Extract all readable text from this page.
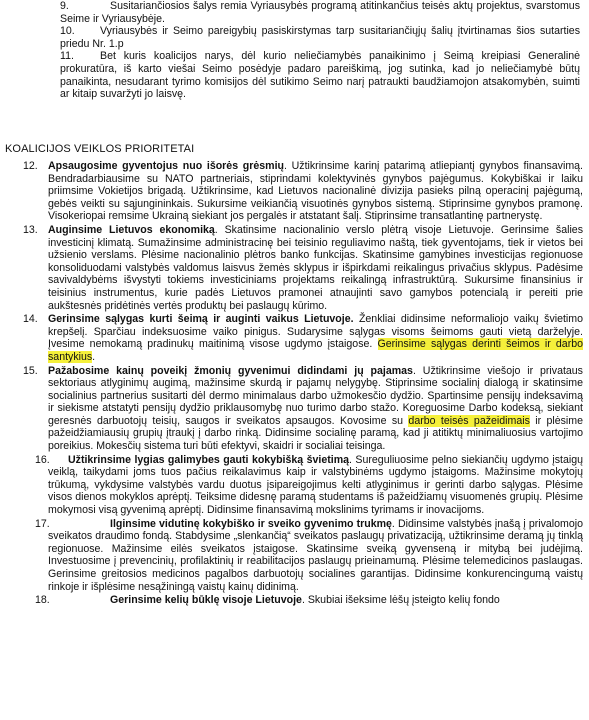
9.	Susitariančiosios šalys remia Vyriausybės programą atitinkančius teisės aktų projektus, svarstomus Seime ir Vyriausybėje.

10. Vyriausybės ir Seimo pareigybių pasiskirstymas tarp susitariančiųjų šalių įtvirtinamas šios sutarties priedu Nr. 1.p

11. Bet kuris koalicijos narys, dėl kurio neliečiamybės panaikinimo į Seimą kreipiasi Generalinė prokuratūra, iš karto viešai Seimo posėdyje padaro pareiškimą, jog sutinka, kad jo neliečiamybė būtų panaikinta, nesudarant tyrimo komisijos dėl sutikimo Seimo narį patraukti baudžiamojon atsakomybėn, suimti ar kitaip suvaržyti jo laisvę.

KOALICIJOS VEIKLOS PRIORITETAI
12. Apsaugosime gyventojus nuo išorės grėsmių. Užtikrinsime karinį patarimą atliepiantį gynybos finansavimą. Bendradarbiausime su NATO partneriais, stiprindami kolektyvinės gynybos pajėgumus. Kokybiškai ir laiku priimsime Vokietijos brigadą. Užtikrinsime, kad Lietuvos nacionalinė divizija pasieks pilną operacinį pajėgumą, gebės veikti su sąjungininkais. Sukursime veikiančią visuotinės gynybos sistemą. Stiprinsime gynybos pramonę. Visokeriopai remsime Ukrainą siekiant jos pergalės ir atstatant šalį. Stiprinsime transatlantinę partnerystę.
13. Auginsime Lietuvos ekonomiką. Skatinsime nacionalinio verslo plėtrą visoje Lietuvoje. Gerinsime šalies investicinį klimatą. Sumažinsime administracinę bei teisinio reguliavimo naštą, tiek gyventojams, tiek ir vietos bei užsienio verslams. Plėsime nacionalinio plėtros banko funkcijas. Skatinsime gamybines investicijas regionuose konsoliduodami valstybės valdomus laisvus žemės sklypus ir išpirkdami reikalingus privačius sklypus. Padėsime savivaldybėms išvystyti tokiems investiciniams projektams reikalingą infrastruktūrą. Sukursime finansinius ir teisinius instrumentus, kurie padės Lietuvos pramonei atnaujinti savo gamybos potencialą ir pereiti prie aukštesnės pridėtinės vertės produktų bei paslaugų kūrimo.
14. Gerinsime sąlygas kurti šeimą ir auginti vaikus Lietuvoje. Ženkliai didinsime neformaliojo vaikų švietimo krepšelį. Sparčiau indeksuosime vaiko pinigus. Sudarysime sąlygas visoms šeimoms gauti vietą darželyje. Įvesime nemokamą pradinukų maitinimą visose ugdymo įstaigose. Gerinsime sąlygas derinti šeimos ir darbo santykius.
15. Pažabosime kainų poveikį žmonių gyvenimui didindami jų pajamas. Užtikrinsime viešojo ir privataus sektoriaus atlyginimų augimą, mažinsime skurdą ir pajamų nelygybę. Stiprinsime socialinį dialogą ir skatinsime socialinius partnerius susitarti dėl dermo minimalaus darbo užmokesčio dydžio. Spartinsime pensijų indeksavimą ir siekisme atstatyti pensijų dydžio priklausomybę nuo turimo darbo stažo. Koreguosime Darbo kodeksą, siekiant geresnės darbuotojų teisių, saugos ir sveikatos apsaugos. Kovosime su darbo teisės pažeidimais ir plėsime pažeidžiamiausių grupių įtraukį į darbo rinką. Didinsime socialinę paramą, kad ji atitiktų minimaliuosius vartojimo poreikius. Mokesčių sistema turi būti efektyvi, skaidri ir socialiai teisinga.
16.	Užtikrinsime lygias galimybes gauti kokybišką švietimą. Sureguliuosime pelno siekiančių ugdymo įstaigų veiklą, taikydami joms tuos pačius reikalavimus kaip ir valstybinėms ugdymo įstaigoms. Mažinsime mokytojų trūkumą, vykdysime valstybės vardu duotus įsipareigojimus kelti atlyginimus ir gerinti darbo sąlygas. Plėsime visos dienos mokyklos aprėptį. Teiksime didesnę paramą studentams iš pažeidžiamų visuomenės grupių. Plėsime mokymosi visą gyvenimą aprėptį. Didinsime finansavimą mokslinims tyrimams ir inovacijoms.
17.	Ilginsime vidutinę kokybiško ir sveiko gyvenimo trukmę. Didinsime valstybės įnašą į privalomojo sveikatos draudimo fondą. Stabdysime „slenkančią“ sveikatos paslaugų privatizaciją, užtikrinsime deramą jų tinklą regionuose. Mažinsime eilės sveikatos įstaigose. Skatinsime sveiką gyvenseną ir mitybą bei judėjimą. Investuosime į prevencinių, profilaktinių ir reabilitacijos paslaugų prieinamumą. Plėsime telemedicinos paslaugas. Gerinsime greitosios medicinos pagalbos darbuotojų socialines garantijas. Didinsime konkurencingumą vaistų rinkoje ir išplėsime nesąžiningą vaistų kainų didinimą.
18.	Gerinsime kelių būklę visoje Lietuvoje. Skubiai išeksime lėšų įsteigto kelių fondo
